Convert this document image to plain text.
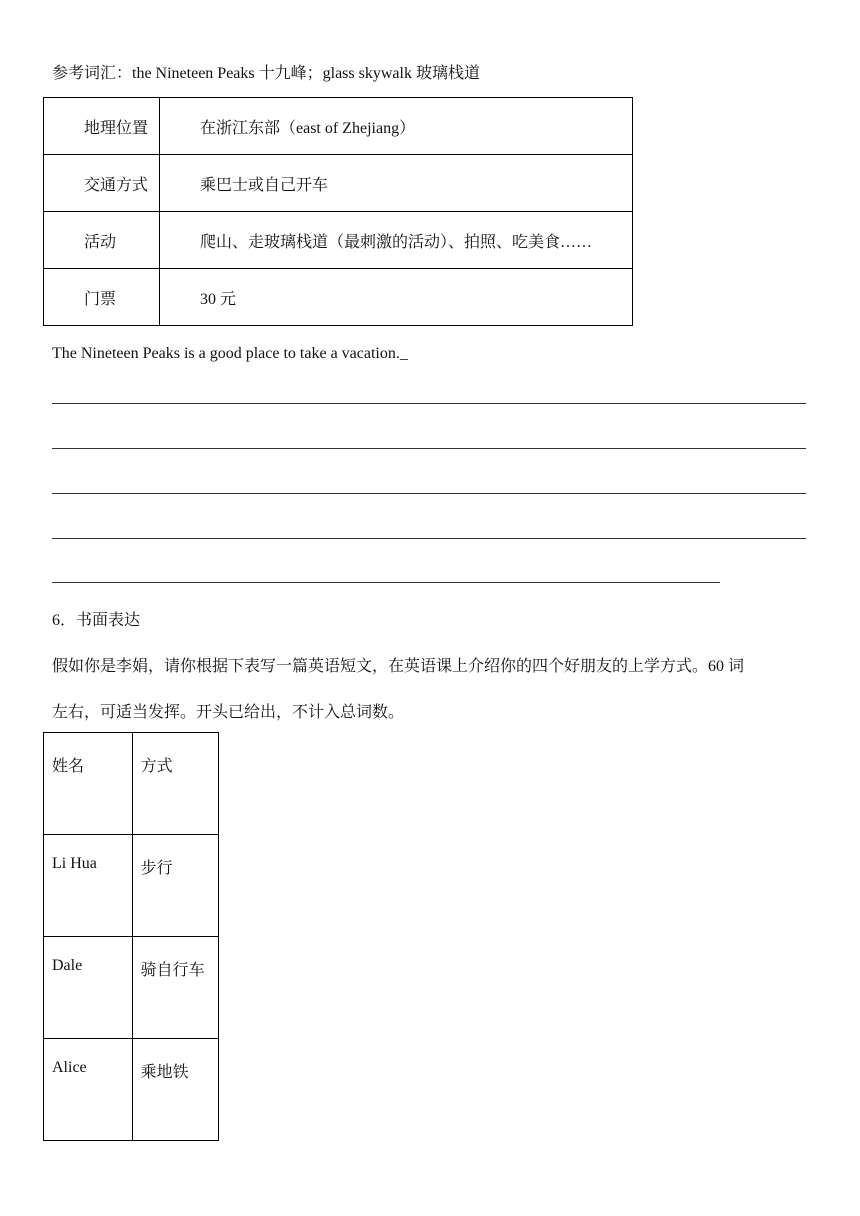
参考词汇：the Nineteen Peaks 十九峰；glass skywalk 玻璃栈道
地理位置	在浙江东部（east of Zhejiang）
交通方式	乘巴士或自己开车
活动	爬山、走玻璃栈道（最刺激的活动）、拍照、吃美食……
门票	30 元
The Nineteen Peaks is a good place to take a vacation._
6．书面表达
假如你是李娟，请你根据下表写一篇英语短文，在英语课上介绍你的四个好朋友的上学方式。60 词
左右，可适当发挥。开头已给出，不计入总词数。
姓名	方式
Li Hua	步行
Dale	骑自行车
Alice	乘地铁
